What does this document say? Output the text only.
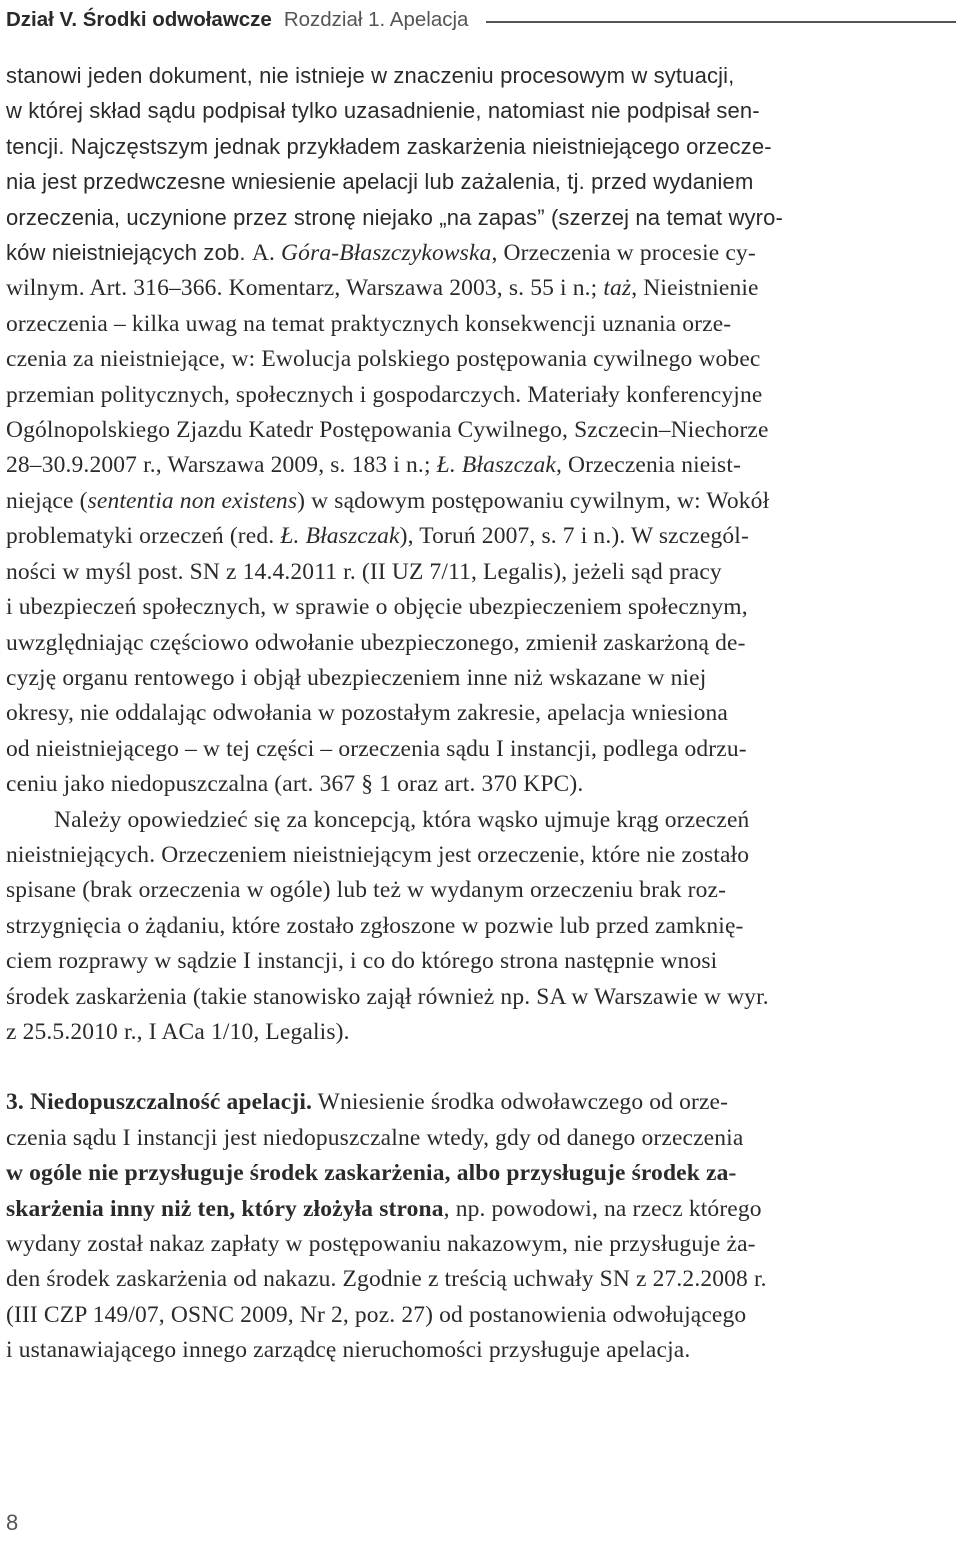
Dział V. Środki odwoławcze Rozdział 1. Apelacja
stanowi jeden dokument, nie istnieje w znaczeniu procesowym w sytuacji,
w której skład sądu podpisał tylko uzasadnienie, natomiast nie podpisał sen-
tencji. Najczęstszym jednak przykładem zaskarżenia nieistniejącego orzecze-
nia jest przedwczesne wniesienie apelacji lub zażalenia, tj. przed wydaniem
orzeczenia, uczynione przez stronę niejako „na zapas” (szerzej na temat wyro-
ków nieistniejących zob. A. Góra-Błaszczykowska, Orzeczenia w procesie cy-
wilnym. Art. 316–366. Komentarz, Warszawa 2003, s. 55 i n.; taż, Nieistnienie
orzeczenia – kilka uwag na temat praktycznych konsekwencji uznania orze-
czenia za nieistniejące, w: Ewolucja polskiego postępowania cywilnego wobec
przemian politycznych, społecznych i gospodarczych. Materiały konferencyjne
Ogólnopolskiego Zjazdu Katedr Postępowania Cywilnego, Szczecin–Niechorze
28–30.9.2007 r., Warszawa 2009, s. 183 i n.; Ł. Błaszczak, Orzeczenia nieist-
niejące (sententia non existens) w sądowym postępowaniu cywilnym, w: Wokół
problematyki orzeczeń (red. Ł. Błaszczak), Toruń 2007, s. 7 i n.). W szczegól-
ności w myśl post. SN z 14.4.2011 r. (II UZ 7/11, Legalis), jeżeli sąd pracy
i ubezpieczeń społecznych, w sprawie o objęcie ubezpieczeniem społecznym,
uwzględniając częściowo odwołanie ubezpieczonego, zmienił zaskarżoną de-
cyzję organu rentowego i objął ubezpieczeniem inne niż wskazane w niej
okresy, nie oddalając odwołania w pozostałym zakresie, apelacja wniesiona
od nieistniejącego – w tej części – orzeczenia sądu I instancji, podlega odrzu-
ceniu jako niedopuszczalna (art. 367 § 1 oraz art. 370 KPC).
Należy opowiedzieć się za koncepcją, która wąsko ujmuje krąg orzeczeń
nieistniejących. Orzeczeniem nieistniejącym jest orzeczenie, które nie zostało
spisane (brak orzeczenia w ogóle) lub też w wydanym orzeczeniu brak roz-
strzygnięcia o żądaniu, które zostało zgłoszone w pozwie lub przed zamknię-
ciem rozprawy w sądzie I instancji, i co do którego strona następnie wnosi
środek zaskarżenia (takie stanowisko zajął również np. SA w Warszawie w wyr.
z 25.5.2010 r., I ACa 1/10, Legalis).
3. Niedopuszczalność apelacji. Wniesienie środka odwoławczego od orze-
czenia sądu I instancji jest niedopuszczalne wtedy, gdy od danego orzeczenia
w ogóle nie przysługuje środek zaskarżenia, albo przysługuje środek za-
skarżenia inny niż ten, który złożyła strona, np. powodowi, na rzecz którego
wydany został nakaz zapłaty w postępowaniu nakazowym, nie przysługuje ża-
den środek zaskarżenia od nakazu. Zgodnie z treścią uchwały SN z 27.2.2008 r.
(III CZP 149/07, OSNC 2009, Nr 2, poz. 27) od postanowienia odwołującego
i ustanawiającego innego zarządcę nieruchomości przysługuje apelacja.
8
